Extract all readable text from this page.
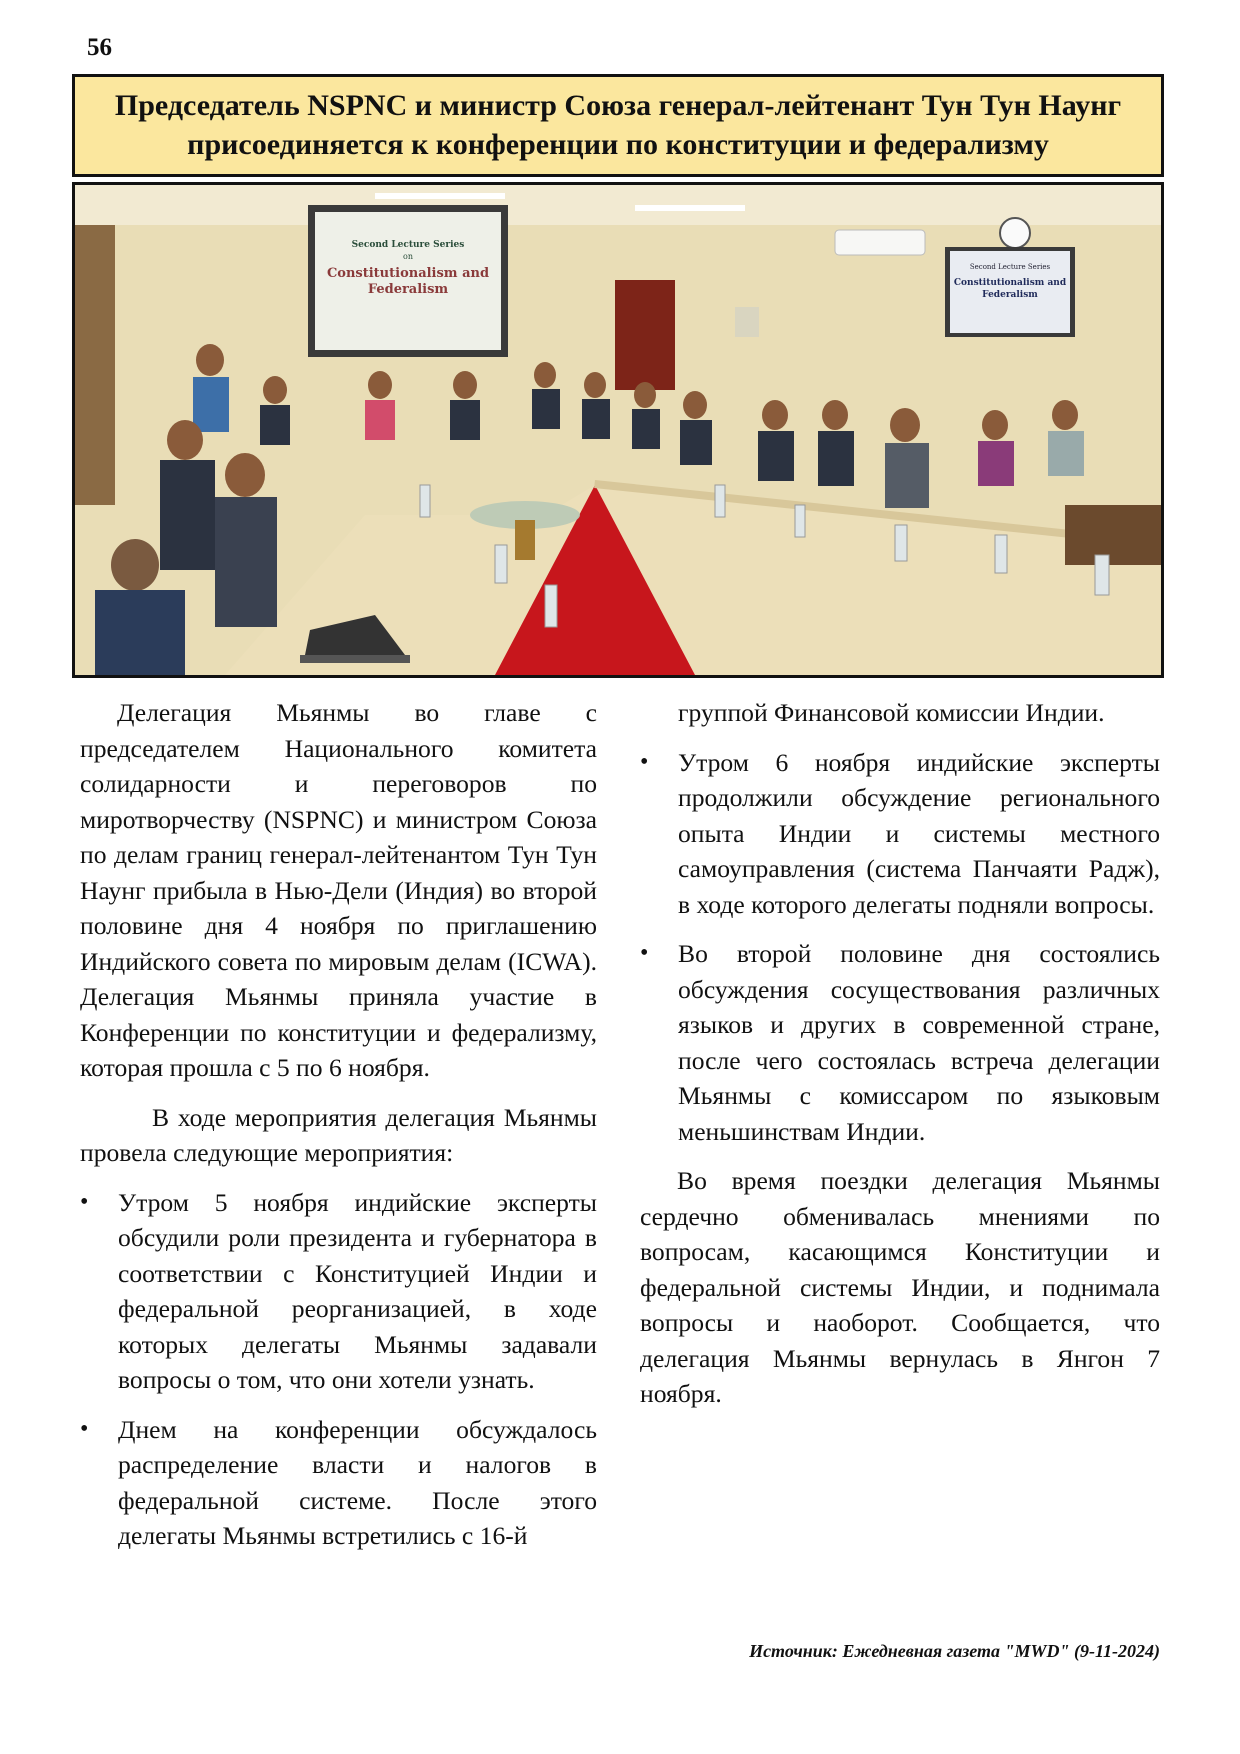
56
Председатель NSPNC и министр Союза генерал-лейтенант Тун Тун Наунг
присоединяется к конференции по конституции и федерализму
Second Lecture Series
on
Constitutionalism and
Federalism
Second Lecture Series
Constitutionalism and
Federalism

Делегация Мьянмы во главе с председателем Национального комитета солидарности и переговоров по миротворчеству (NSPNC) и министром Союза по делам границ генерал-лейтенантом Тун Тун Наунг прибыла в Нью-Дели (Индия) во второй половине дня 4 ноября по приглашению Индийского совета по мировым делам (ICWA). Делегация Мьянмы приняла участие в Конференции по конституции и федерализму, которая прошла с 5 по 6 ноября.

В ходе мероприятия делегация Мьянмы провела следующие мероприятия:

• Утром 5 ноября индийские эксперты обсудили роли президента и губернатора в соответствии с Конституцией Индии и федеральной реорганизацией, в ходе которых делегаты Мьянмы задавали вопросы о том, что они хотели узнать.
• Днем на конференции обсуждалось распределение власти и налогов в федеральной системе. После этого делегаты Мьянмы встретились с 16-й
группой Финансовой комиссии Индии.
• Утром 6 ноября индийские эксперты продолжили обсуждение регионального опыта Индии и системы местного самоуправления (система Панчаяти Радж), в ходе которого делегаты подняли вопросы.
• Во второй половине дня состоялись обсуждения сосуществования различных языков и других в современной стране, после чего состоялась встреча делегации Мьянмы с комиссаром по языковым меньшинствам Индии.

Во время поездки делегация Мьянмы сердечно обменивалась мнениями по вопросам, касающимся Конституции и федеральной системы Индии, и поднимала вопросы и наоборот. Сообщается, что делегация Мьянмы вернулась в Янгон 7 ноября.

Источник: Ежедневная газета "MWD" (9-11-2024)
